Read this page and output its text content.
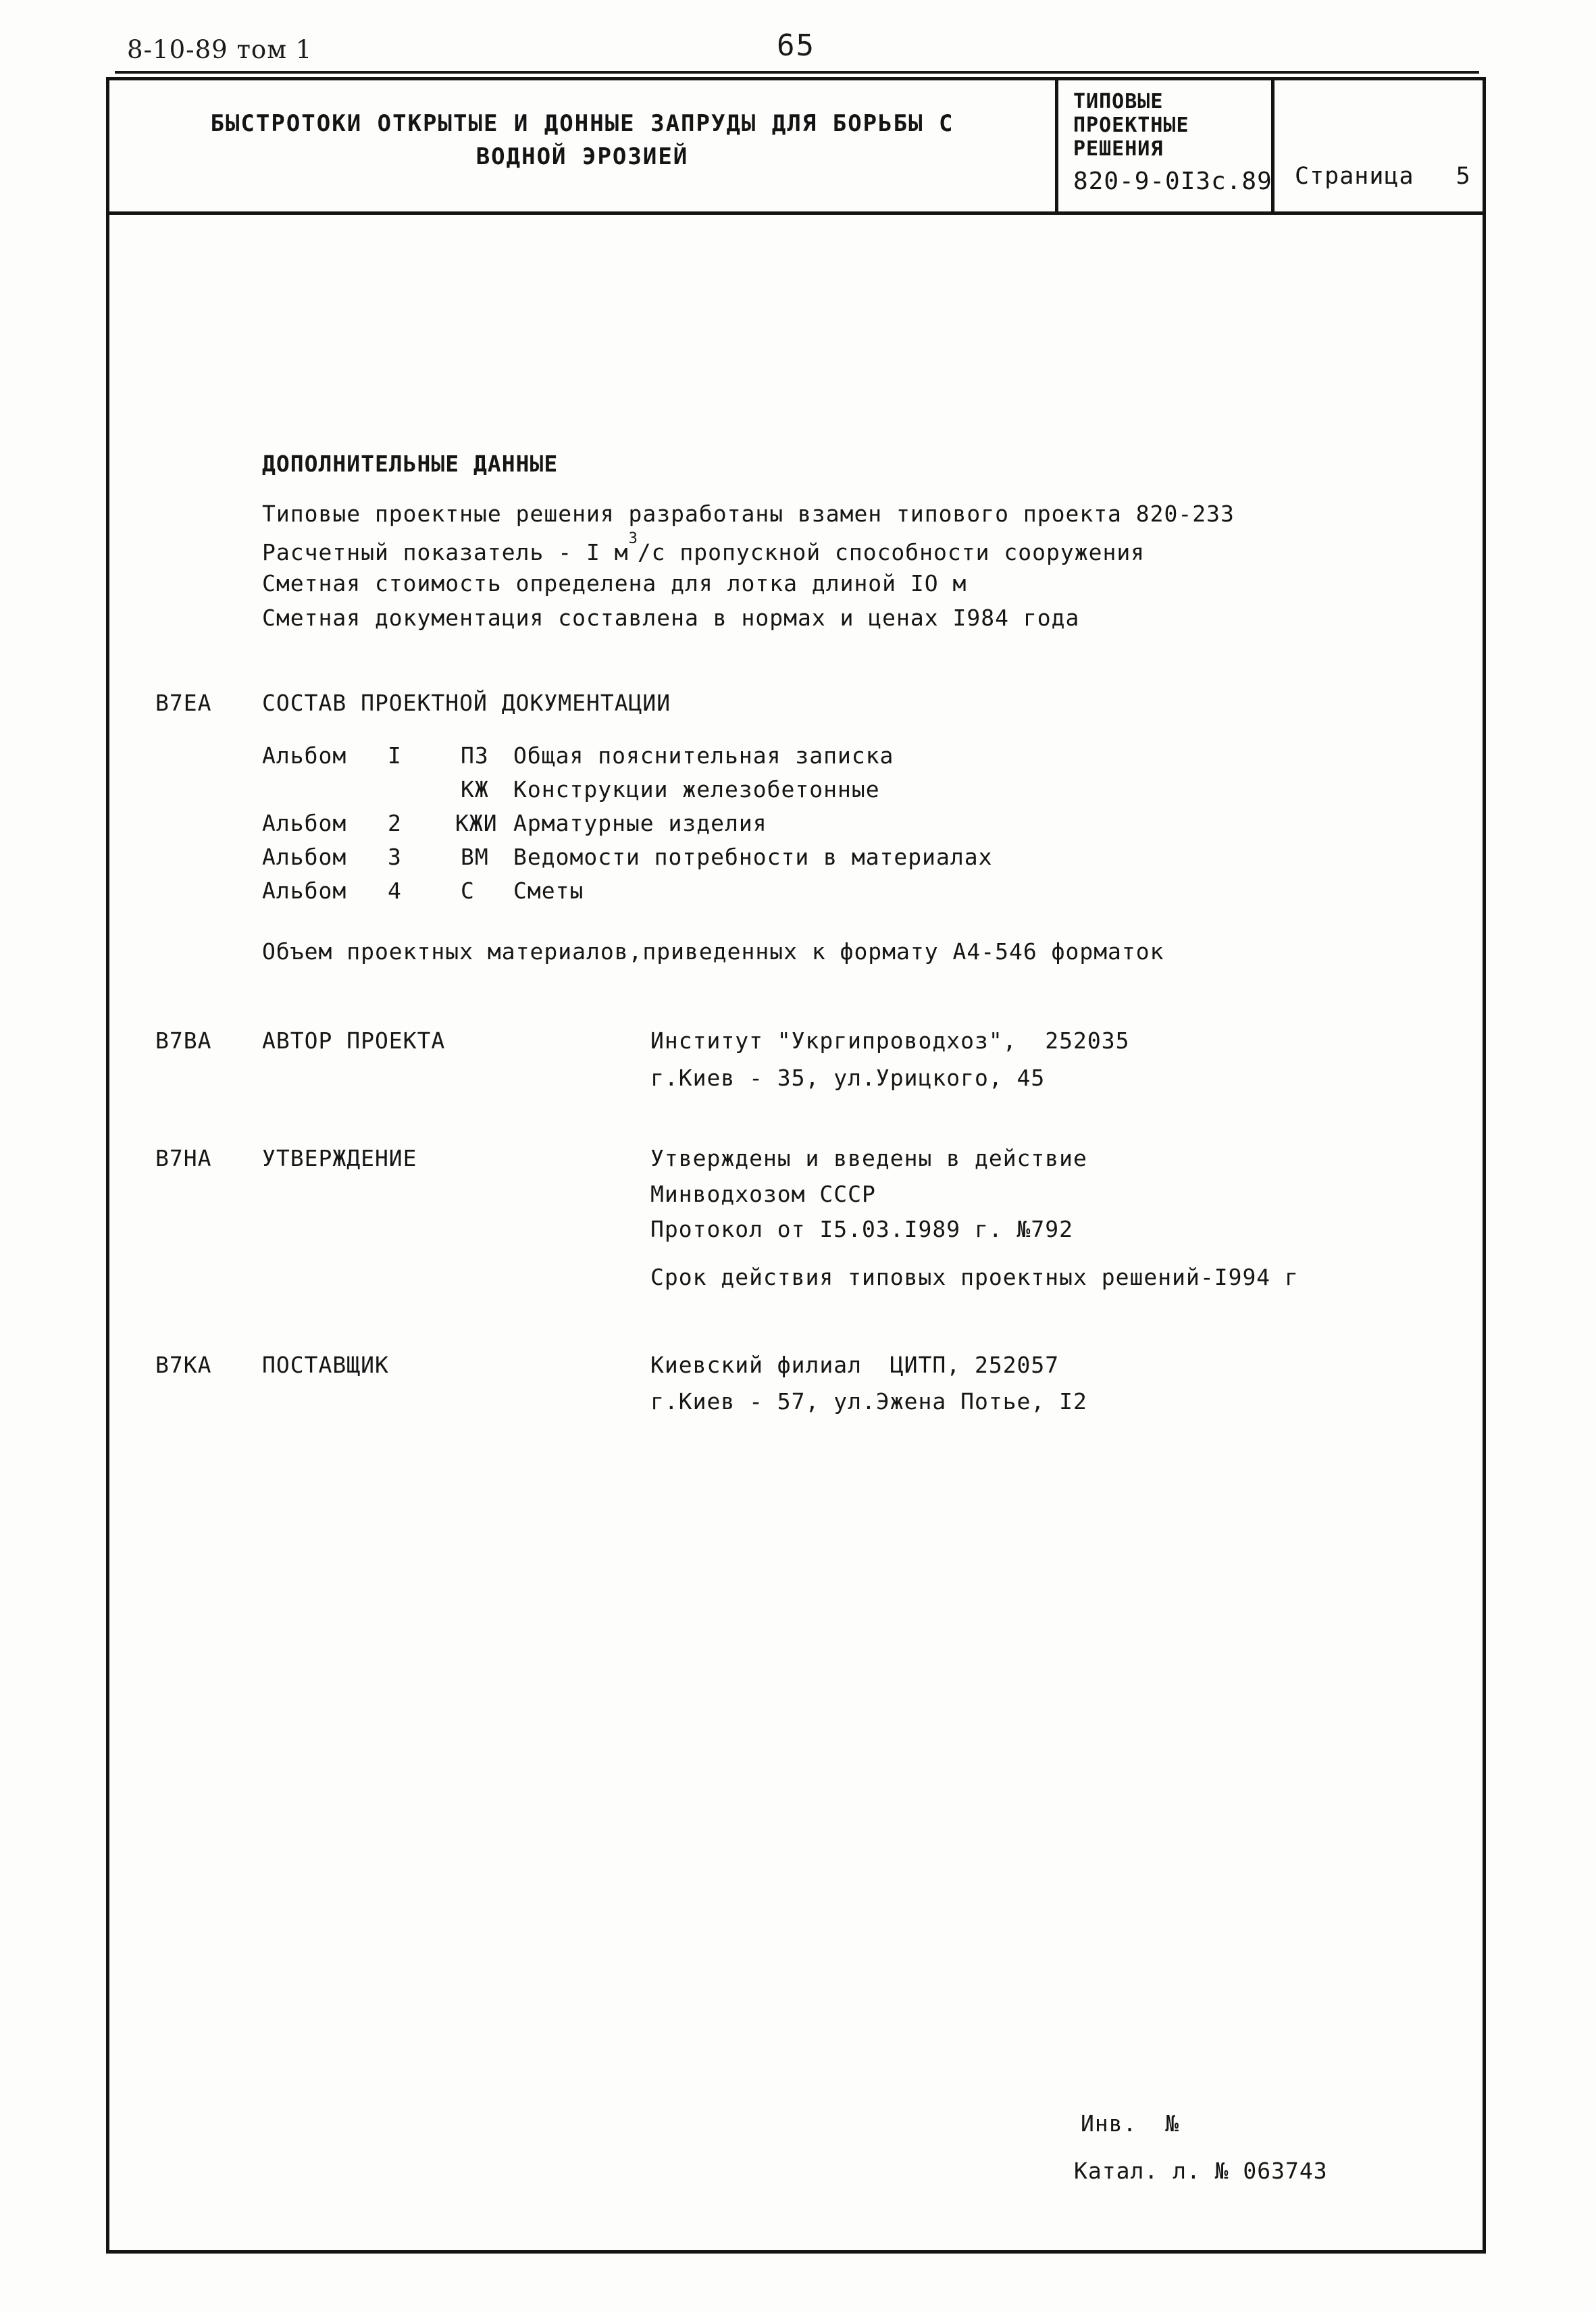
8-10-89 том 1	65
БЫСТРОТОКИ ОТКРЫТЫЕ И ДОННЫЕ ЗАПРУДЫ ДЛЯ БОРЬБЫ С
ВОДНОЙ ЭРОЗИЕЙ
ТИПОВЫЕ
ПРОЕКТНЫЕ
РЕШЕНИЯ
820-9-0I3с.89 Страница 5
ДОПОЛНИТЕЛЬНЫЕ ДАННЫЕ
Типовые проектные решения разработаны взамен типового проекта 820-233
Расчетный показатель - I $м^3/с$ пропускной способности сооружения
Сметная стоимость определена для лотка длиной IO м
Сметная документация составлена в нормах и ценах I984 года
В7ЕА СОСТАВ ПРОЕКТНОЙ ДОКУМЕНТАЦИИ
Альбом I	ПЗ Общая пояснительная записка
КЖ Конструкции железобетонные
Альбом 2 КЖИ Арматурные изделия
Альбом 3	ВМ Ведомости потребности в материалах
Альбом 4	С Сметы
Объем проектных материалов,приведенных к формату А4-546 форматок
В7ВА АВТОР ПРОЕКТА	Институт "Укргипроводхоз",  252035
г.Киев - 35, ул.Урицкого, 45
В7НА УТВЕРЖДЕНИЕ	Утверждены и введены в действие
Минводхозом СССР
Протокол от I5.03.I989 г. №792
Срок действия типовых проектных решений-I994 г
В7КА ПОСТАВЩИК	Киевский филиал  ЦИТП, 252057
г.Киев - 57, ул.Эжена Потье, I2
Инв.  №
Катал. л. № 063743
